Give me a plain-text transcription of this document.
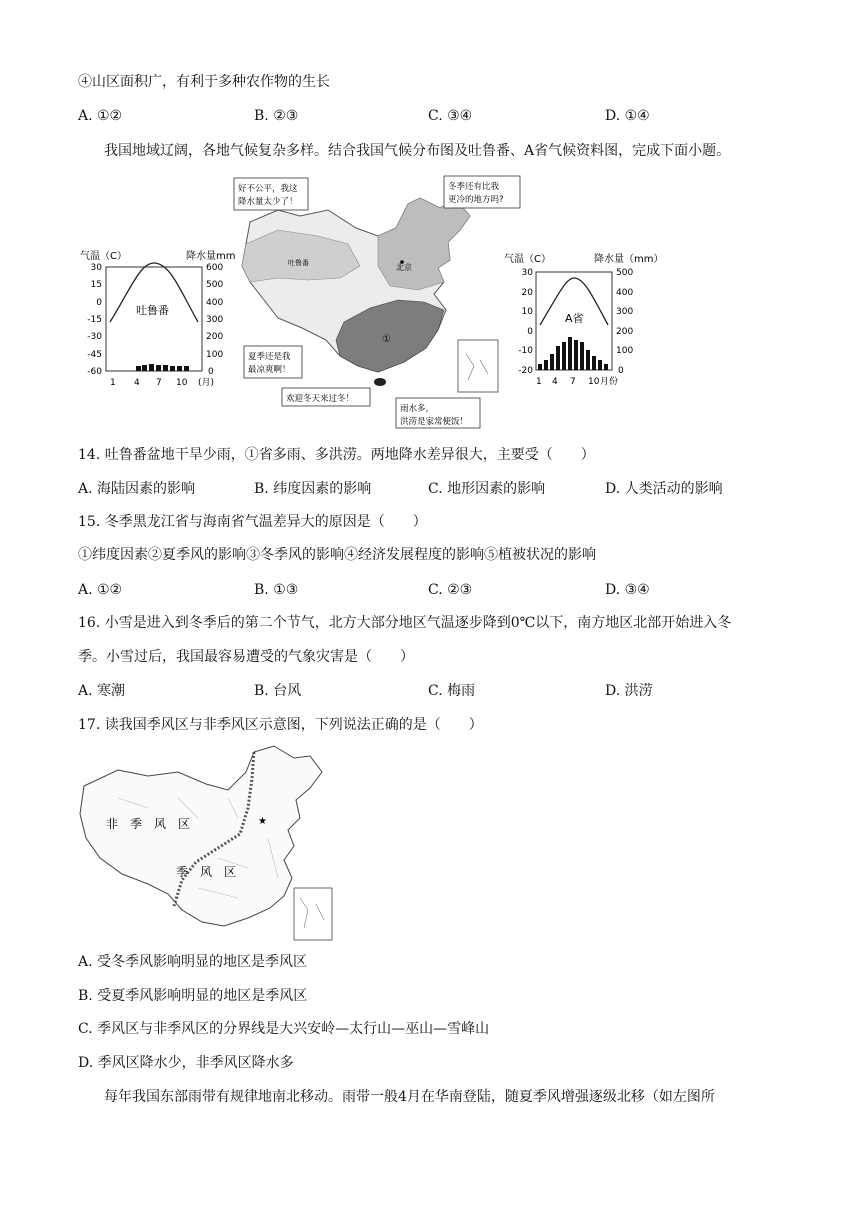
④山区面积广，有利于多种农作物的生长
A. ①②	B. ②③	C. ③④	D. ①④
我国地域辽阔，各地气候复杂多样。结合我国气候分布图及吐鲁番、A省气候资料图，完成下面小题。
气温（C）	降水量mm
30
15
0
-15
-30
-45
-60
600
500
400
300
200
100
0
吐鲁番
1 4 7 10 (月)
①
吐鲁番	北京
好不公平，我这
降水量太少了！
冬季还有比我
更冷的地方吗?
夏季还是我
最凉爽啊！
欢迎冬天来过冬！
雨水多，
洪涝是家常便饭！
气温（C）	降水量（mm）
30
20
10
0
-10
-20
500
400
300
200
100
0
A省
1 4 7 10 月份
14. 吐鲁番盆地干旱少雨，①省多雨、多洪涝。两地降水差异很大，主要受（　　）
A. 海陆因素的影响	B. 纬度因素的影响	C. 地形因素的影响	D. 人类活动的影响
15. 冬季黑龙江省与海南省气温差异大的原因是（　　）
①纬度因素②夏季风的影响③冬季风的影响④经济发展程度的影响⑤植被状况的影响
A. ①②	B. ①③	C. ②③	D. ③④
16. 小雪是进入到冬季后的第二个节气，北方大部分地区气温逐步降到0℃以下，南方地区北部开始进入冬
季。小雪过后，我国最容易遭受的气象灾害是（　　）
A. 寒潮	B. 台风	C. 梅雨	D. 洪涝
17. 读我国季风区与非季风区示意图，下列说法正确的是（　　）
非　季　风　区
季　风　区
★
A. 受冬季风影响明显的地区是季风区
B. 受夏季风影响明显的地区是季风区
C. 季风区与非季风区的分界线是大兴安岭—太行山—巫山—雪峰山
D. 季风区降水少，非季风区降水多
每年我国东部雨带有规律地南北移动。雨带一般4月在华南登陆，随夏季风增强逐级北移（如左图所
